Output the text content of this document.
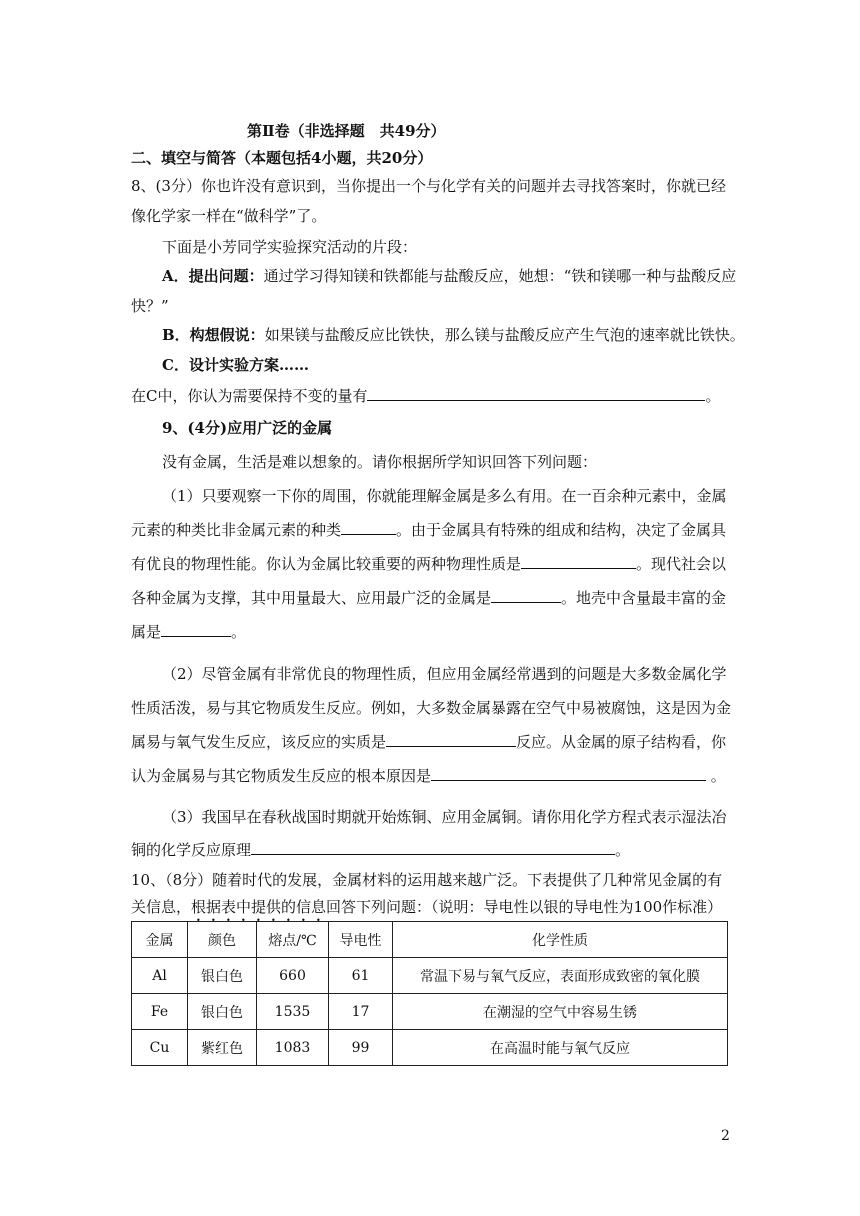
第Ⅱ卷（非选择题　共49分）
二、填空与简答（本题包括4小题，共20分）
8、(3分）你也许没有意识到，当你提出一个与化学有关的问题并去寻找答案时，你就已经
像化学家一样在“做科学”了。
下面是小芳同学实验探究活动的片段：
A．提出问题：通过学习得知镁和铁都能与盐酸反应，她想：“铁和镁哪一种与盐酸反应
快？”
B．构想假说：如果镁与盐酸反应比铁快，那么镁与盐酸反应产生气泡的速率就比铁快。
C．设计实验方案……
在C中，你认为需要保持不变的量有	。
9、(4分)应用广泛的金属
没有金属，生活是难以想象的。请你根据所学知识回答下列问题：
（1）只要观察一下你的周围，你就能理解金属是多么有用。在一百余种元素中，金属
元素的种类比非金属元素的种类	。由于金属具有特殊的组成和结构，决定了金属具
有优良的物理性能。你认为金属比较重要的两种物理性质是	。现代社会以
各种金属为支撑，其中用量最大、应用最广泛的金属是	。地壳中含量最丰富的金
属是	。
（2）尽管金属有非常优良的物理性质，但应用金属经常遇到的问题是大多数金属化学
性质活泼，易与其它物质发生反应。例如，大多数金属暴露在空气中易被腐蚀，这是因为金
属易与氧气发生反应，该反应的实质是	反应。从金属的原子结构看，你
认为金属易与其它物质发生反应的根本原因是	。
（3）我国早在春秋战国时期就开始炼铜、应用金属铜。请你用化学方程式表示湿法冶
铜的化学反应原理	。
10、（8分）随着时代的发展，金属材料的运用越来越广泛。下表提供了几种常见金属的有
关信息，根据表中提供的信息回答下列问题：（说明：导电性以银的导电性为100作标准）
金属	颜色	熔点/℃	导电性	化学性质
Al	银白色	660	61	常温下易与氧气反应，表面形成致密的氧化膜
Fe	银白色	1535	17	在潮湿的空气中容易生锈
Cu	紫红色	1083	99	在高温时能与氧气反应
2
